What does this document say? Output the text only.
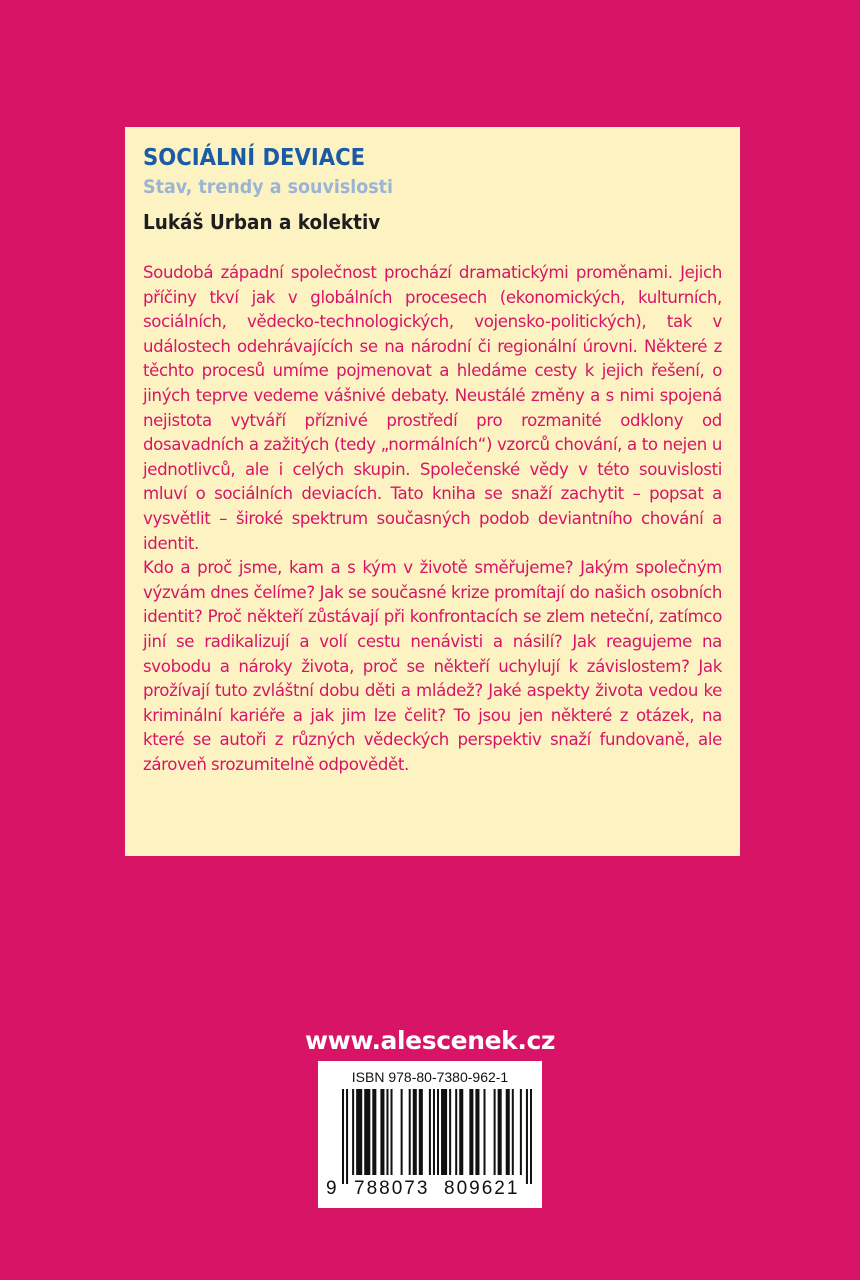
SOCIÁLNÍ DEVIACE
Stav, trendy a souvislosti
Lukáš Urban a kolektiv

Soudobá západní společnost prochází dramatickými proměnami. Jejich příčiny tkví jak v globálních procesech (ekonomických, kulturních, sociálních, vědecko-technologických, vojensko-politických), tak v událostech odehrávajících se na národní či regionální úrovni. Některé z těchto procesů umíme pojmenovat a hledáme cesty k jejich řešení, o jiných teprve vedeme vášnivé debaty. Neustálé změny a s nimi spojená nejistota vytváří příznivé prostředí pro rozmanité odklony od dosavadních a zažitých (tedy „normálních“) vzorců chování, a to nejen u jednotlivců, ale i celých skupin. Společenské vědy v této souvislosti mluví o sociálních deviacích. Tato kniha se snaží zachytit – popsat a vysvětlit – široké spektrum současných podob deviantního chování a identit.

Kdo a proč jsme, kam a s kým v životě směřujeme? Jakým společným výzvám dnes čelíme? Jak se současné krize promítají do našich osobních identit? Proč někteří zůstávají při konfrontacích se zlem neteční, zatímco jiní se radikalizují a volí cestu nenávisti a násilí? Jak reagujeme na svobodu a nároky života, proč se někteří uchylují k závislostem? Jak prožívají tuto zvláštní dobu děti a mládež? Jaké aspekty života vedou ke kriminální kariéře a jak jim lze čelit? To jsou jen některé z otázek, na které se autoři z různých vědeckých perspektiv snaží fundovaně, ale zároveň srozumitelně odpovědět.

www.alescenek.cz
ISBN 978-80-7380-962-1
9 788073 809621
